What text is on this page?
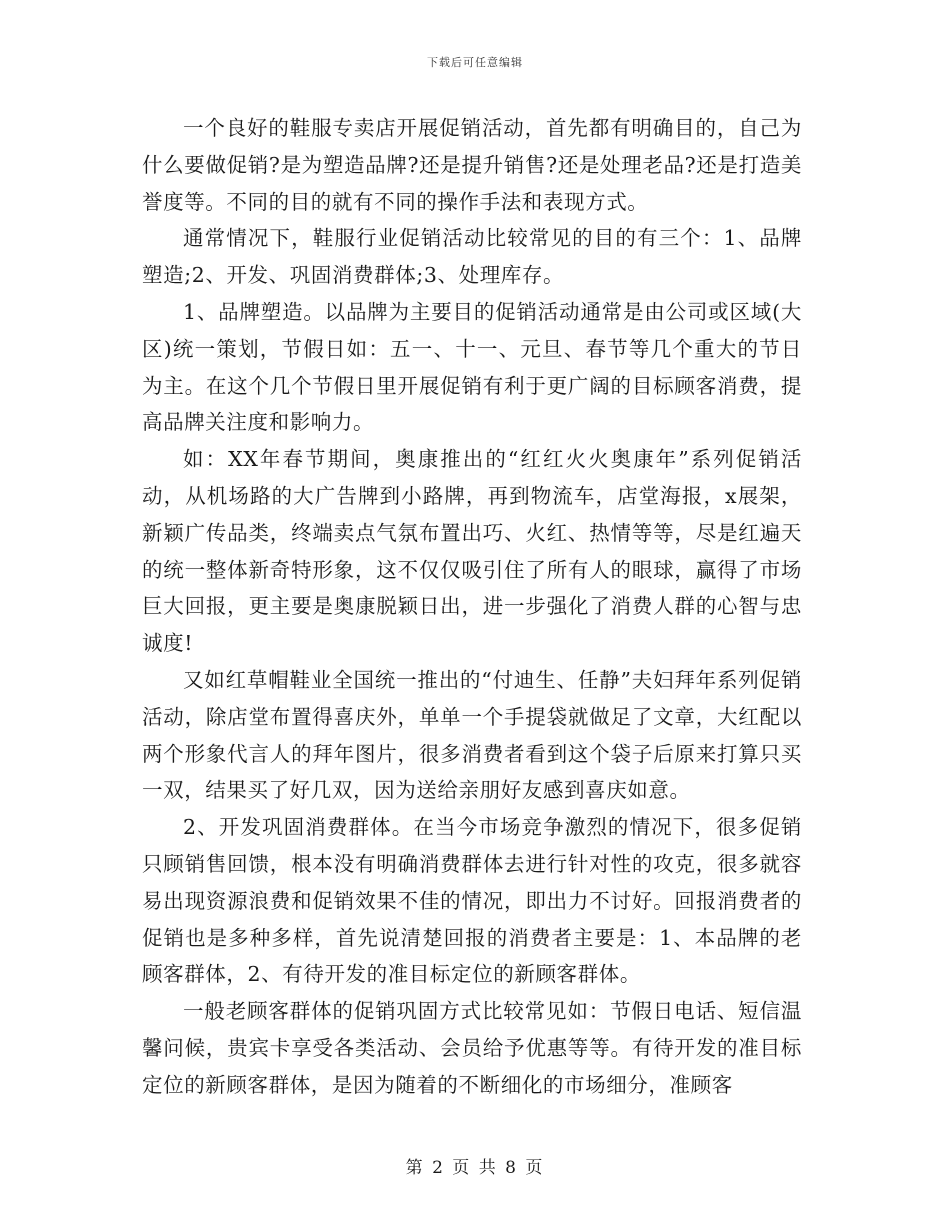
下载后可任意编辑

一个良好的鞋服专卖店开展促销活动，首先都有明确目的，自己为什么要做促销?是为塑造品牌?还是提升销售?还是处理老品?还是打造美誉度等。不同的目的就有不同的操作手法和表现方式。

通常情况下，鞋服行业促销活动比较常见的目的有三个：1、品牌塑造;2、开发、巩固消费群体;3、处理库存。

1、品牌塑造。以品牌为主要目的促销活动通常是由公司或区域(大区)统一策划，节假日如：五一、十一、元旦、春节等几个重大的节日为主。在这个几个节假日里开展促销有利于更广阔的目标顾客消费，提高品牌关注度和影响力。

如：XX年春节期间，奥康推出的“红红火火奥康年”系列促销活动，从机场路的大广告牌到小路牌，再到物流车，店堂海报，x展架，新颖广传品类，终端卖点气氛布置出巧、火红、热情等等，尽是红遍天的统一整体新奇特形象，这不仅仅吸引住了所有人的眼球，赢得了市场巨大回报，更主要是奥康脱颖日出，进一步强化了消费人群的心智与忠诚度!

又如红草帽鞋业全国统一推出的“付迪生、任静”夫妇拜年系列促销活动，除店堂布置得喜庆外，单单一个手提袋就做足了文章，大红配以两个形象代言人的拜年图片，很多消费者看到这个袋子后原来打算只买一双，结果买了好几双，因为送给亲朋好友感到喜庆如意。

2、开发巩固消费群体。在当今市场竞争激烈的情况下，很多促销只顾销售回馈，根本没有明确消费群体去进行针对性的攻克，很多就容易出现资源浪费和促销效果不佳的情况，即出力不讨好。回报消费者的促销也是多种多样，首先说清楚回报的消费者主要是：1、本品牌的老顾客群体，2、有待开发的准目标定位的新顾客群体。

一般老顾客群体的促销巩固方式比较常见如：节假日电话、短信温馨问候，贵宾卡享受各类活动、会员给予优惠等等。有待开发的准目标定位的新顾客群体，是因为随着的不断细化的市场细分，准顾客

第 2 页 共 8 页
